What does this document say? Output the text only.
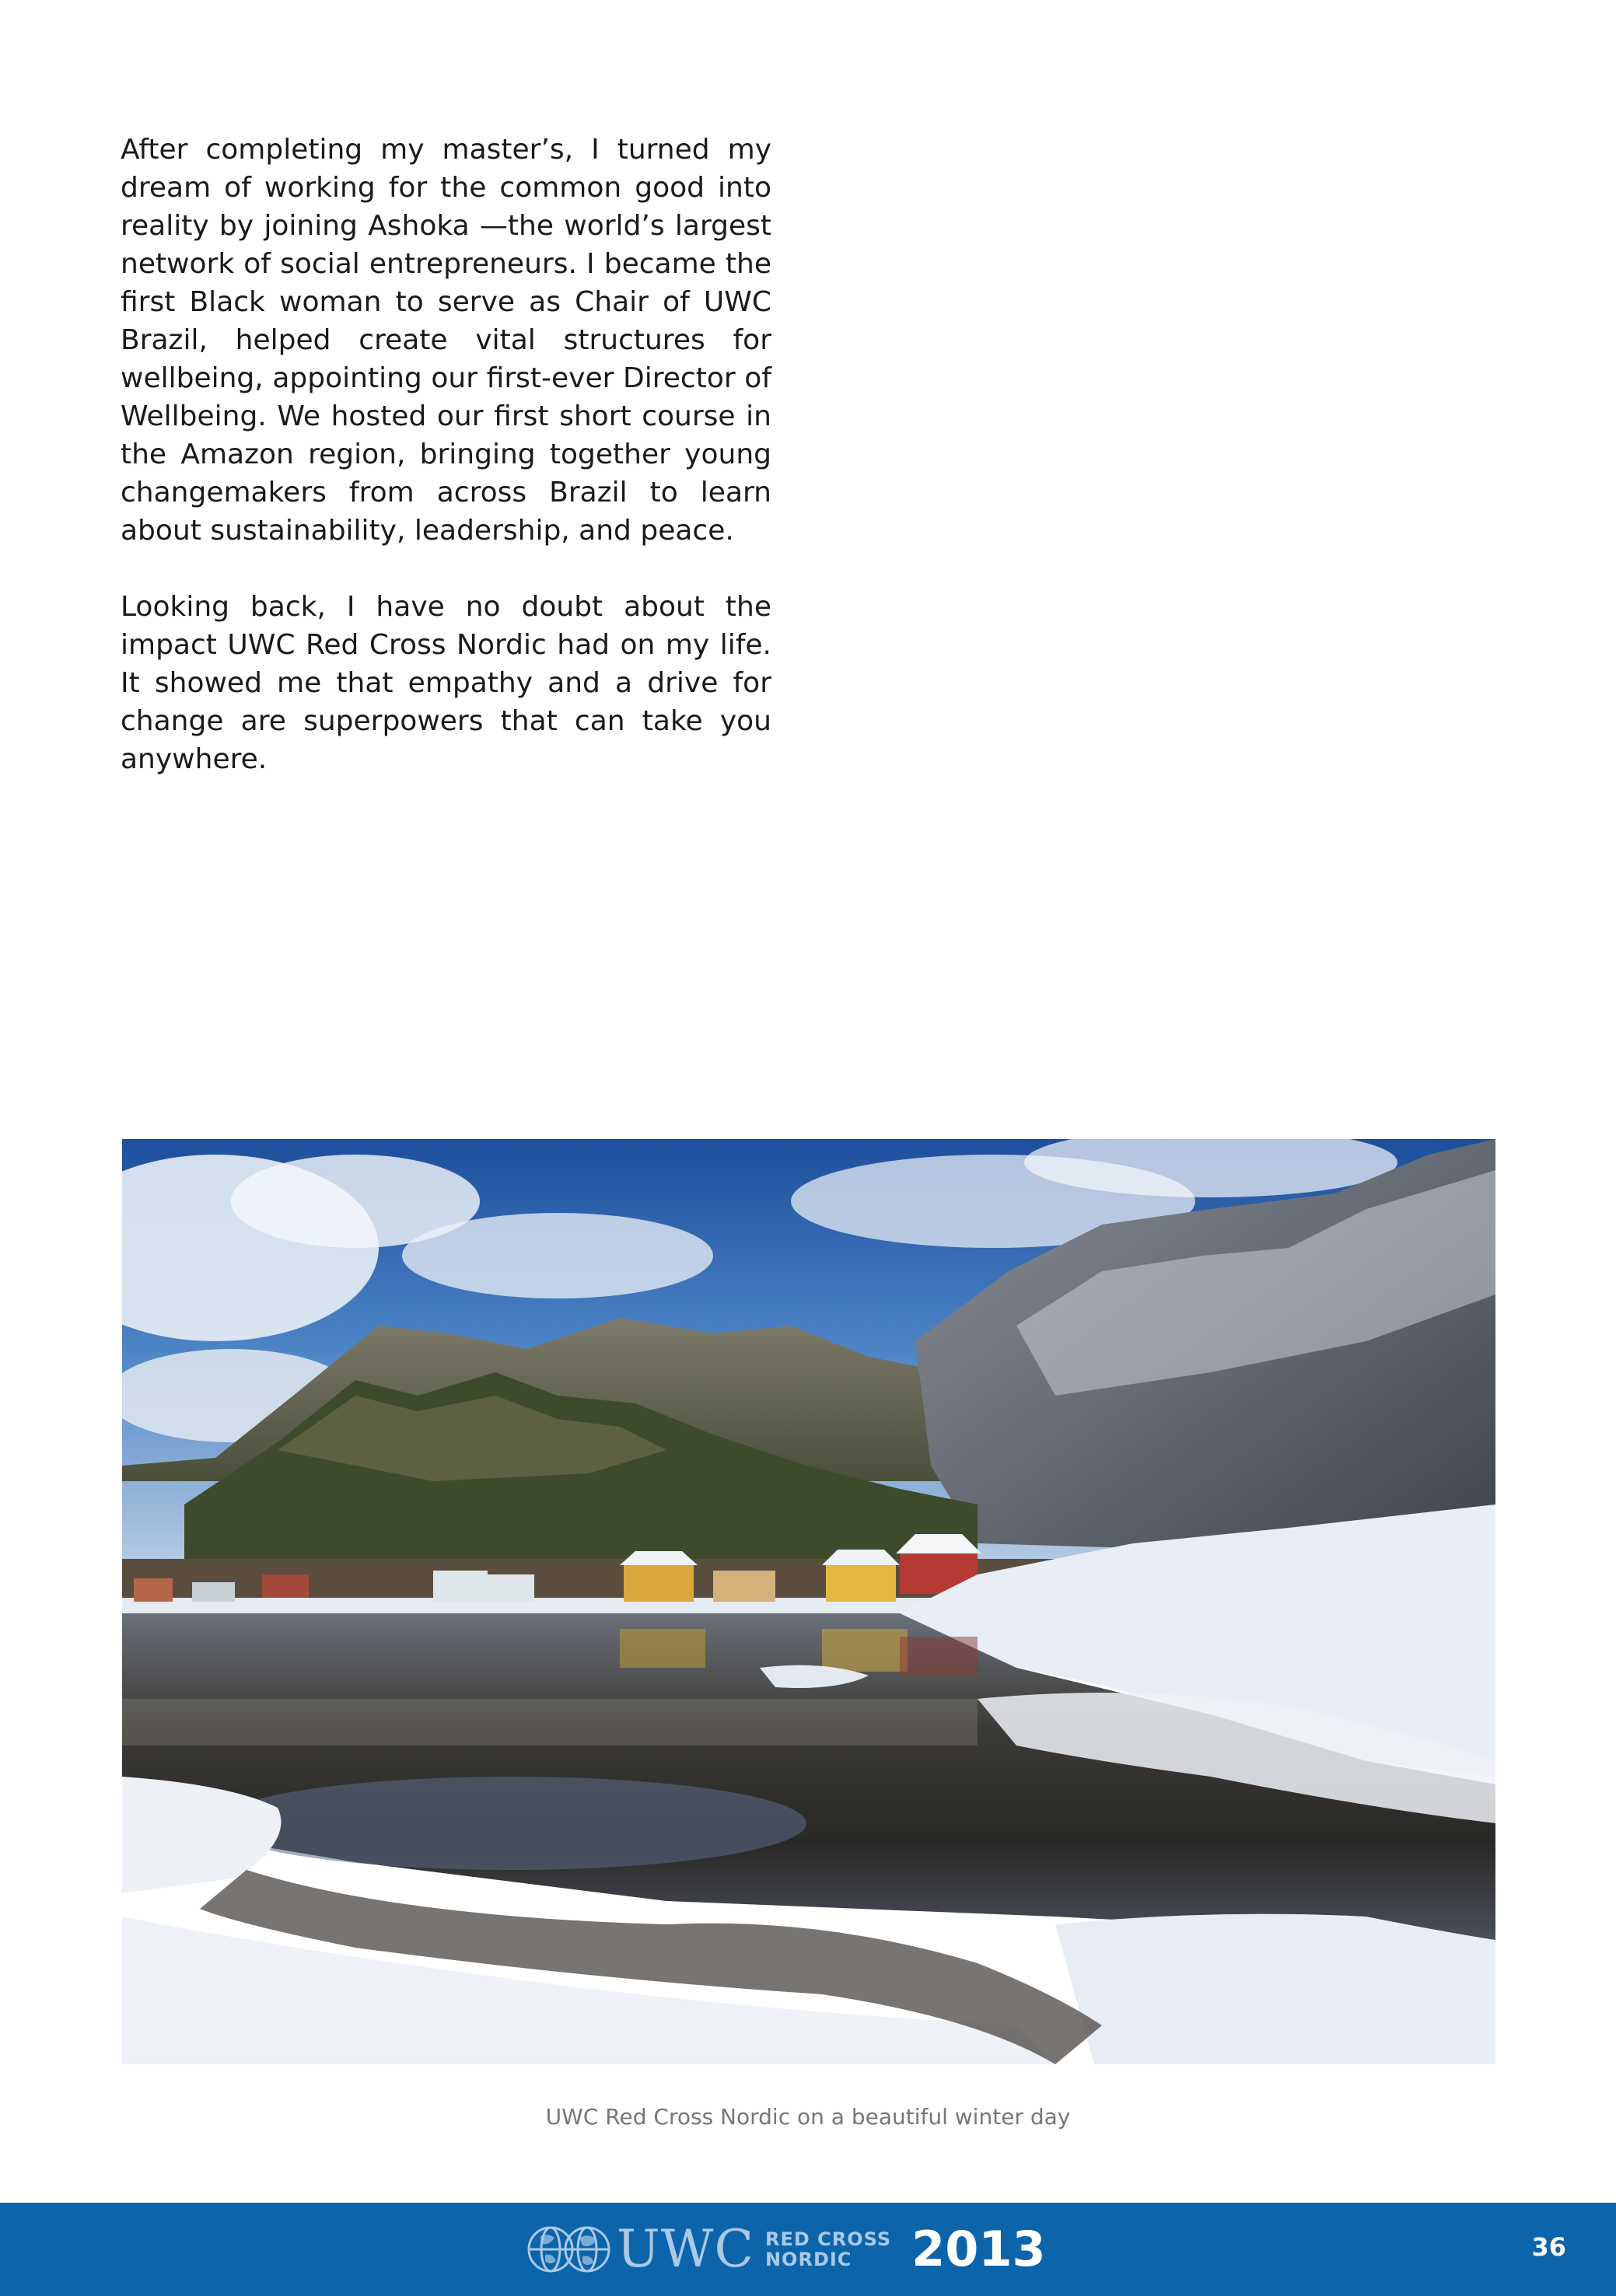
After completing my master’s, I turned my dream of working for the common good into reality by joining Ashoka —the world’s largest network of social entrepreneurs. I became the first Black woman to serve as Chair of UWC Brazil, helped create vital structures for wellbeing, appointing our first-ever Director of Wellbeing. We hosted our first short course in the Amazon region, bringing together young changemakers from across Brazil to learn about sustainability, leadership, and peace.

Looking back, I have no doubt about the impact UWC Red Cross Nordic had on my life. It showed me that empathy and a drive for change are superpowers that can take you anywhere.

UWC Red Cross Nordic on a beautiful winter day
UWC RED CROSS
NORDIC	2013	36
